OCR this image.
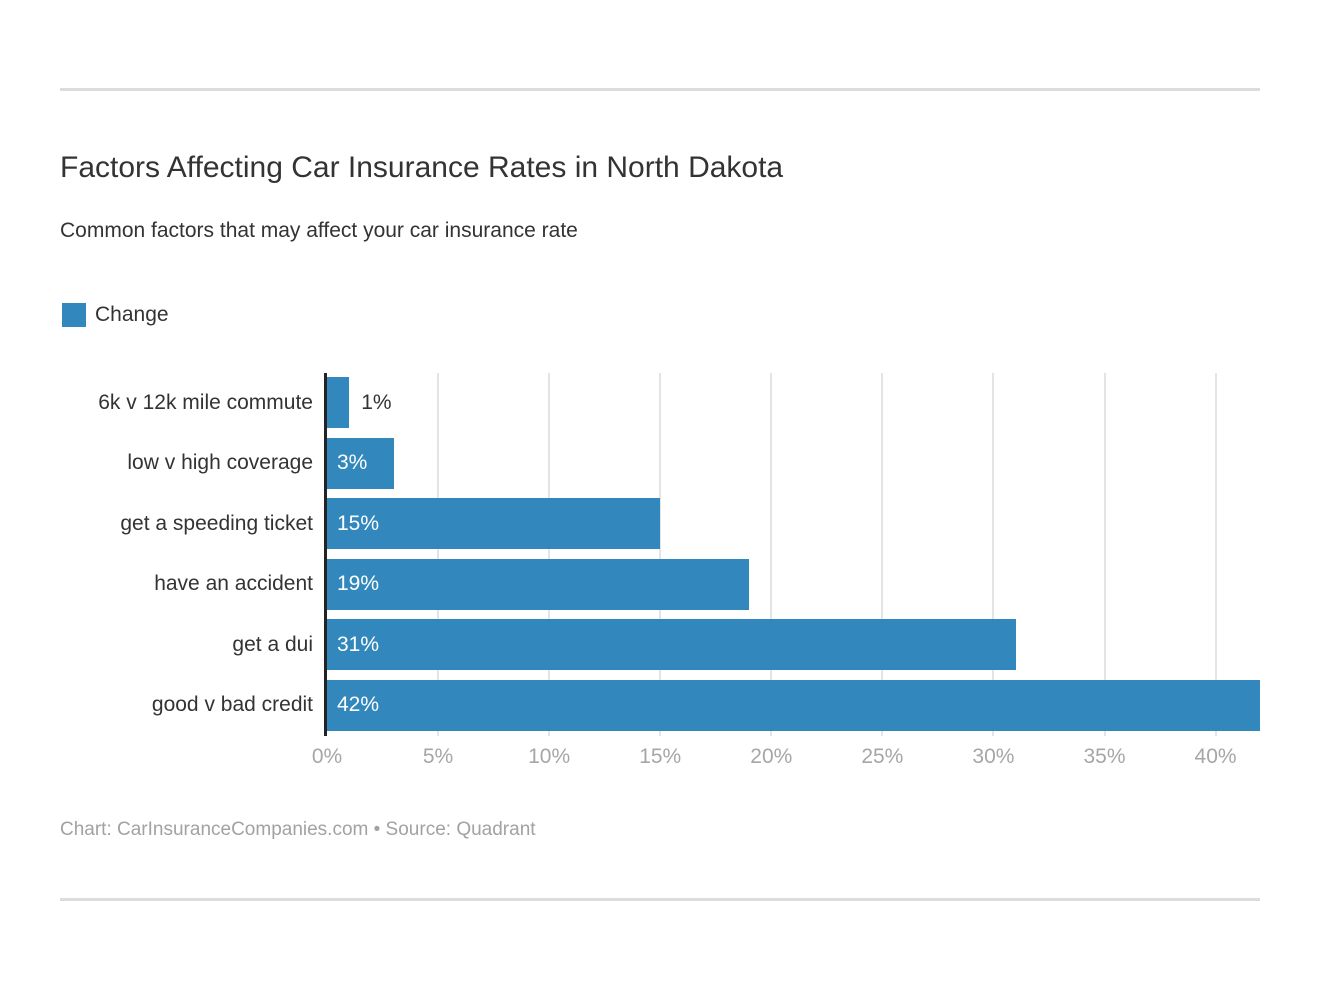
Factors Affecting Car Insurance Rates in North Dakota
Common factors that may affect your car insurance rate
Change
6k v 12k mile commute
low v high coverage
get a speeding ticket
have an accident
get a dui
good v bad credit
1%
3%
15%
19%
31%
42%
0%	5%	10%	15%	20%	25%	30%	35%	40%
Chart: CarInsuranceCompanies.com • Source: Quadrant
